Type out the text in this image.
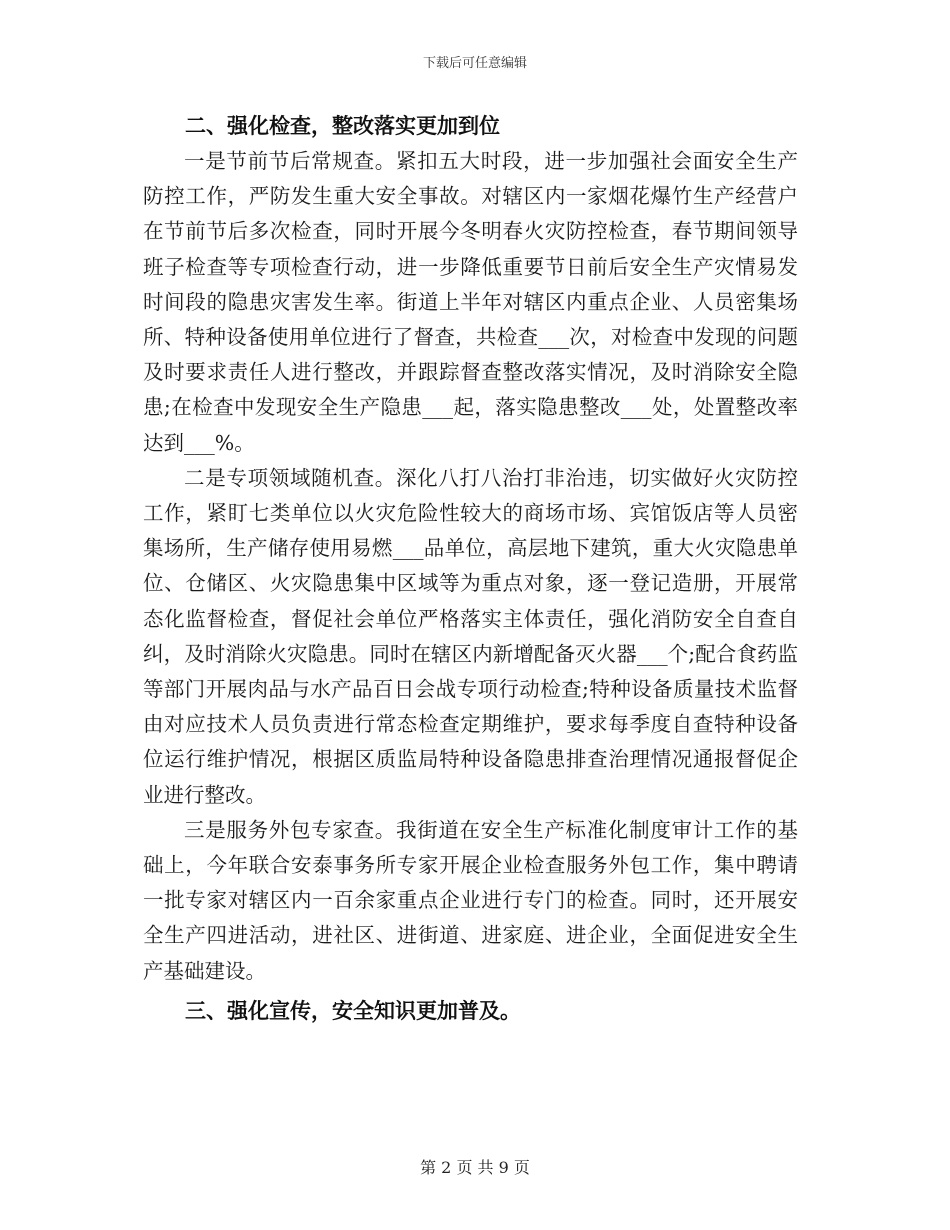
下载后可任意编辑
二、强化检查，整改落实更加到位

一是节前节后常规查。紧扣五大时段，进一步加强社会面安全生产防控工作，严防发生重大安全事故。对辖区内一家烟花爆竹生产经营户在节前节后多次检查，同时开展今冬明春火灾防控检查，春节期间领导班子检查等专项检查行动，进一步降低重要节日前后安全生产灾情易发时间段的隐患灾害发生率。街道上半年对辖区内重点企业、人员密集场所、特种设备使用单位进行了督查，共检查___次，对检查中发现的问题及时要求责任人进行整改，并跟踪督查整改落实情况，及时消除安全隐患;在检查中发现安全生产隐患___起，落实隐患整改___处，处置整改率达到___%。

二是专项领域随机查。深化八打八治打非治违，切实做好火灾防控工作，紧盯七类单位以火灾危险性较大的商场市场、宾馆饭店等人员密集场所，生产储存使用易燃___品单位，高层地下建筑，重大火灾隐患单位、仓储区、火灾隐患集中区域等为重点对象，逐一登记造册，开展常态化监督检查，督促社会单位严格落实主体责任，强化消防安全自查自纠，及时消除火灾隐患。同时在辖区内新增配备灭火器___个;配合食药监等部门开展肉品与水产品百日会战专项行动检查;特种设备质量技术监督由对应技术人员负责进行常态检查定期维护，要求每季度自查特种设备位运行维护情况，根据区质监局特种设备隐患排查治理情况通报督促企业进行整改。

三是服务外包专家查。我街道在安全生产标准化制度审计工作的基础上，今年联合安泰事务所专家开展企业检查服务外包工作，集中聘请一批专家对辖区内一百余家重点企业进行专门的检查。同时，还开展安全生产四进活动，进社区、进街道、进家庭、进企业，全面促进安全生产基础建设。

三、强化宣传，安全知识更加普及。
第 2 页 共 9 页
